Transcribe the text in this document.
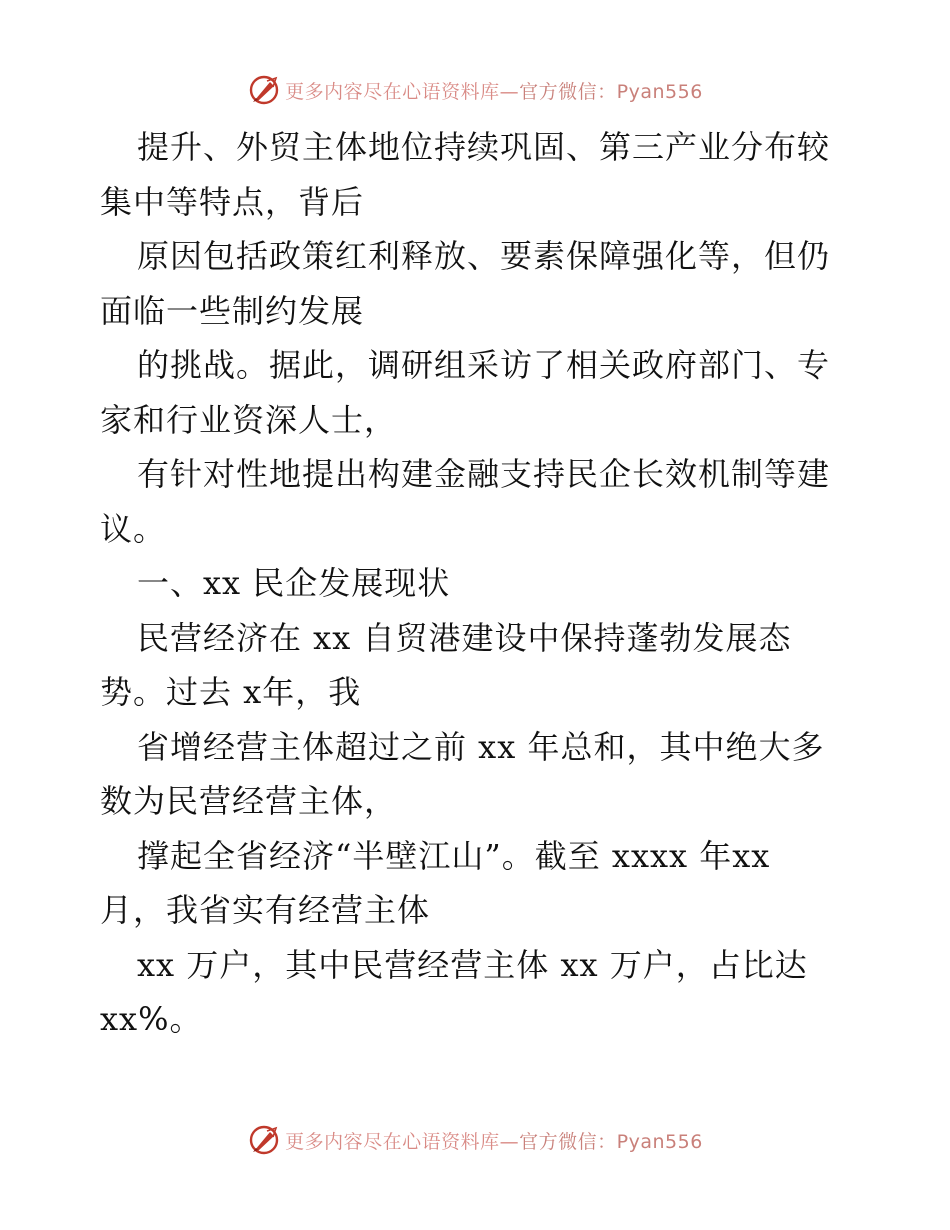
更多内容尽在心语资料库—官方微信：Pyan556
提升、外贸主体地位持续巩固、第三产业分布较
集中等特点，背后
原因包括政策红利释放、要素保障强化等，但仍
面临一些制约发展
的挑战。据此，调研组采访了相关政府部门、专
家和行业资深人士，
有针对性地提出构建金融支持民企长效机制等建
议。
一、xx 民企发展现状
民营经济在 xx 自贸港建设中保持蓬勃发展态
势。过去 x年，我
省增经营主体超过之前 xx 年总和，其中绝大多
数为民营经营主体，
撑起全省经济“半壁江山”。截至 xxxx 年xx
月，我省实有经营主体
xx 万户，其中民营经营主体 xx 万户，占比达
xx%。
更多内容尽在心语资料库—官方微信：Pyan556
